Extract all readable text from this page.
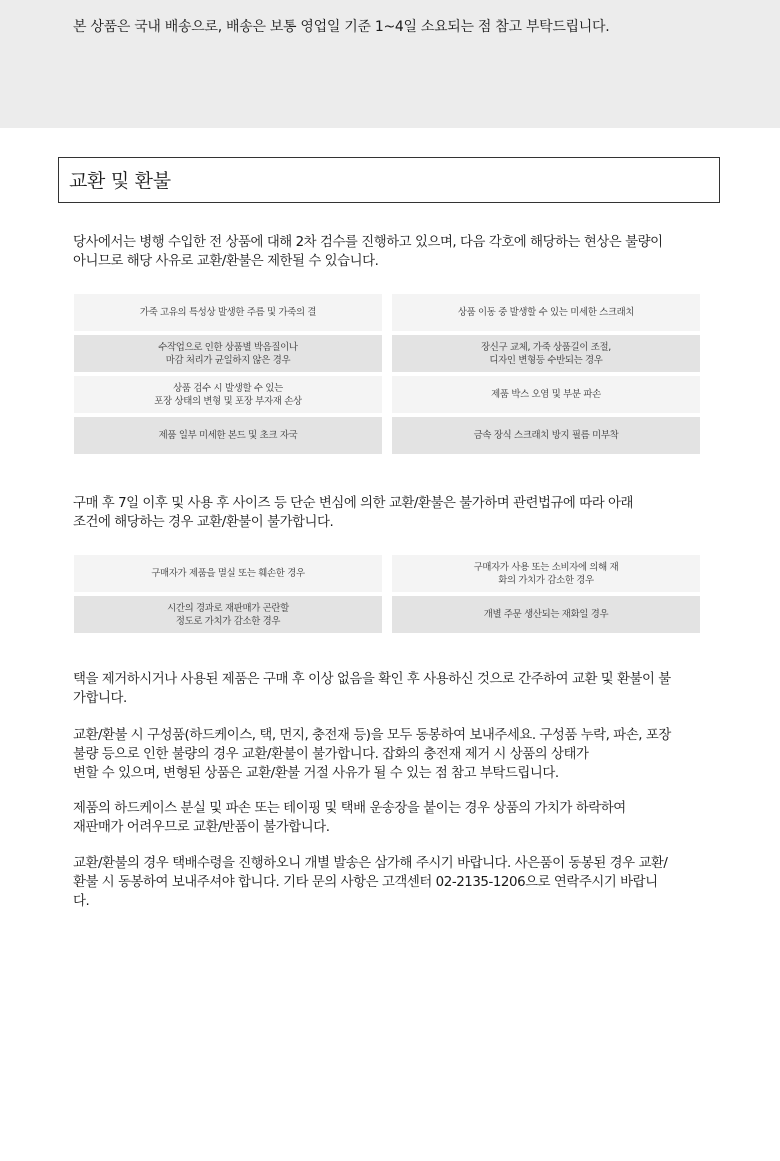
본 상품은 국내 배송으로, 배송은 보통 영업일 기준 1~4일 소요되는 점 참고 부탁드립니다.
교환 및 환불
당사에서는 병행 수입한 전 상품에 대해 2차 검수를 진행하고 있으며, 다음 각호에 해당하는 현상은 불량이
아니므로 해당 사유로 교환/환불은 제한될 수 있습니다.
가죽 고유의 특성상 발생한 주름 및 가죽의 결	상품 이동 중 발생할 수 있는 미세한 스크래치
수작업으로 인한 상품별 박음질이나
마감 처리가 균일하지 않은 경우
장신구 교체, 가죽 상품길이 조절,
디자인 변형등 수반되는 경우
상품 검수 시 발생할 수 있는
포장 상태의 변형 및 포장 부자재 손상
제품 박스 오염 및 부분 파손
제품 일부 미세한 본드 및 초크 자국	금속 장식 스크래치 방지 필름 미부착
구매 후 7일 이후 및 사용 후 사이즈 등 단순 변심에 의한 교환/환불은 불가하며 관련법규에 따라 아래
조건에 해당하는 경우 교환/환불이 불가합니다.
구매자가 제품을 멸실 또는 훼손한 경우
구매자가 사용 또는 소비자에 의해 재
화의 가치가 감소한 경우
시간의 경과로 재판매가 곤란할
정도로 가치가 감소한 경우
개별 주문 생산되는 재화일 경우
택을 제거하시거나 사용된 제품은 구매 후 이상 없음을 확인 후 사용하신 것으로 간주하여 교환 및 환불이 불
가합니다.
교환/환불 시 구성품(하드케이스, 택, 먼지, 충전재 등)을 모두 동봉하여 보내주세요. 구성품 누락, 파손, 포장
불량 등으로 인한 불량의 경우 교환/환불이 불가합니다. 잡화의 충전재 제거 시 상품의 상태가
변할 수 있으며, 변형된 상품은 교환/환불 거절 사유가 될 수 있는 점 참고 부탁드립니다.
제품의 하드케이스 분실 및 파손 또는 테이핑 및 택배 운송장을 붙이는 경우 상품의 가치가 하락하여
재판매가 어려우므로 교환/반품이 불가합니다.
교환/환불의 경우 택배수령을 진행하오니 개별 발송은 삼가해 주시기 바랍니다. 사은품이 동봉된 경우 교환/
환불 시 동봉하여 보내주셔야 합니다. 기타 문의 사항은 고객센터 02-2135-1206으로 연락주시기 바랍니
다.
